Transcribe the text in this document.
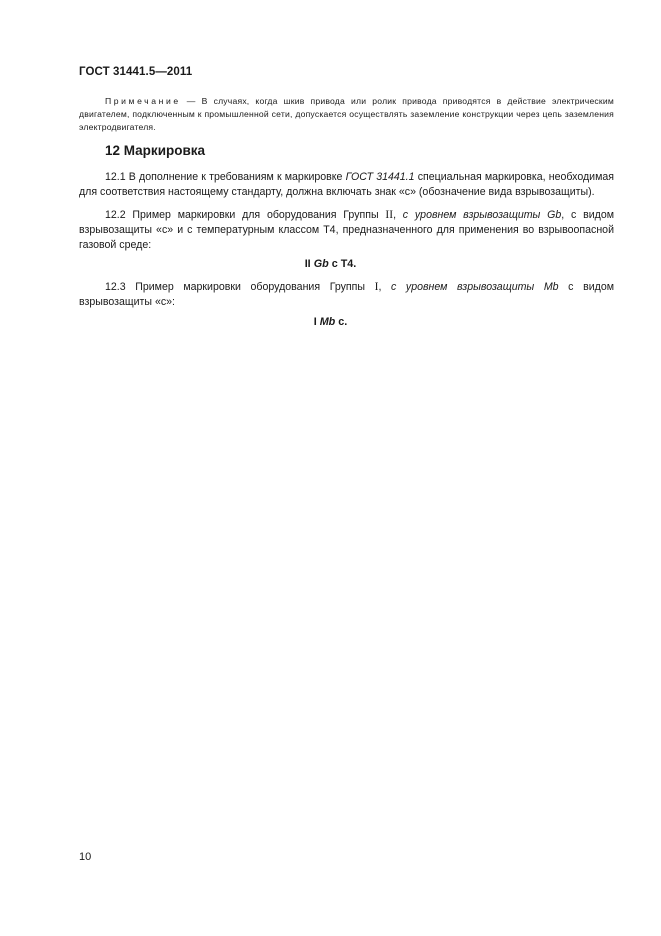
ГОСТ 31441.5—2011
Примечание — В случаях, когда шкив привода или ролик привода приводятся в действие электрическим двигателем, подключенным к промышленной сети, допускается осуществлять заземление конструкции через цепь заземления электродвигателя.
12 Маркировка
12.1 В дополнение к требованиям к маркировке ГОСТ 31441.1 специальная маркировка, необходимая для соответствия настоящему стандарту, должна включать знак «с» (обозначение вида взрывозащиты).
12.2 Пример маркировки для оборудования Группы II, с уровнем взрывозащиты Gb, с видом взрывозащиты «с» и с температурным классом Т4, предназначенного для применения во взрывоопасной газовой среде:
II Gb c T4.
12.3 Пример маркировки оборудования Группы I, с уровнем взрывозащиты Mb с видом взрывозащиты «с»:
I Mb c.
10
